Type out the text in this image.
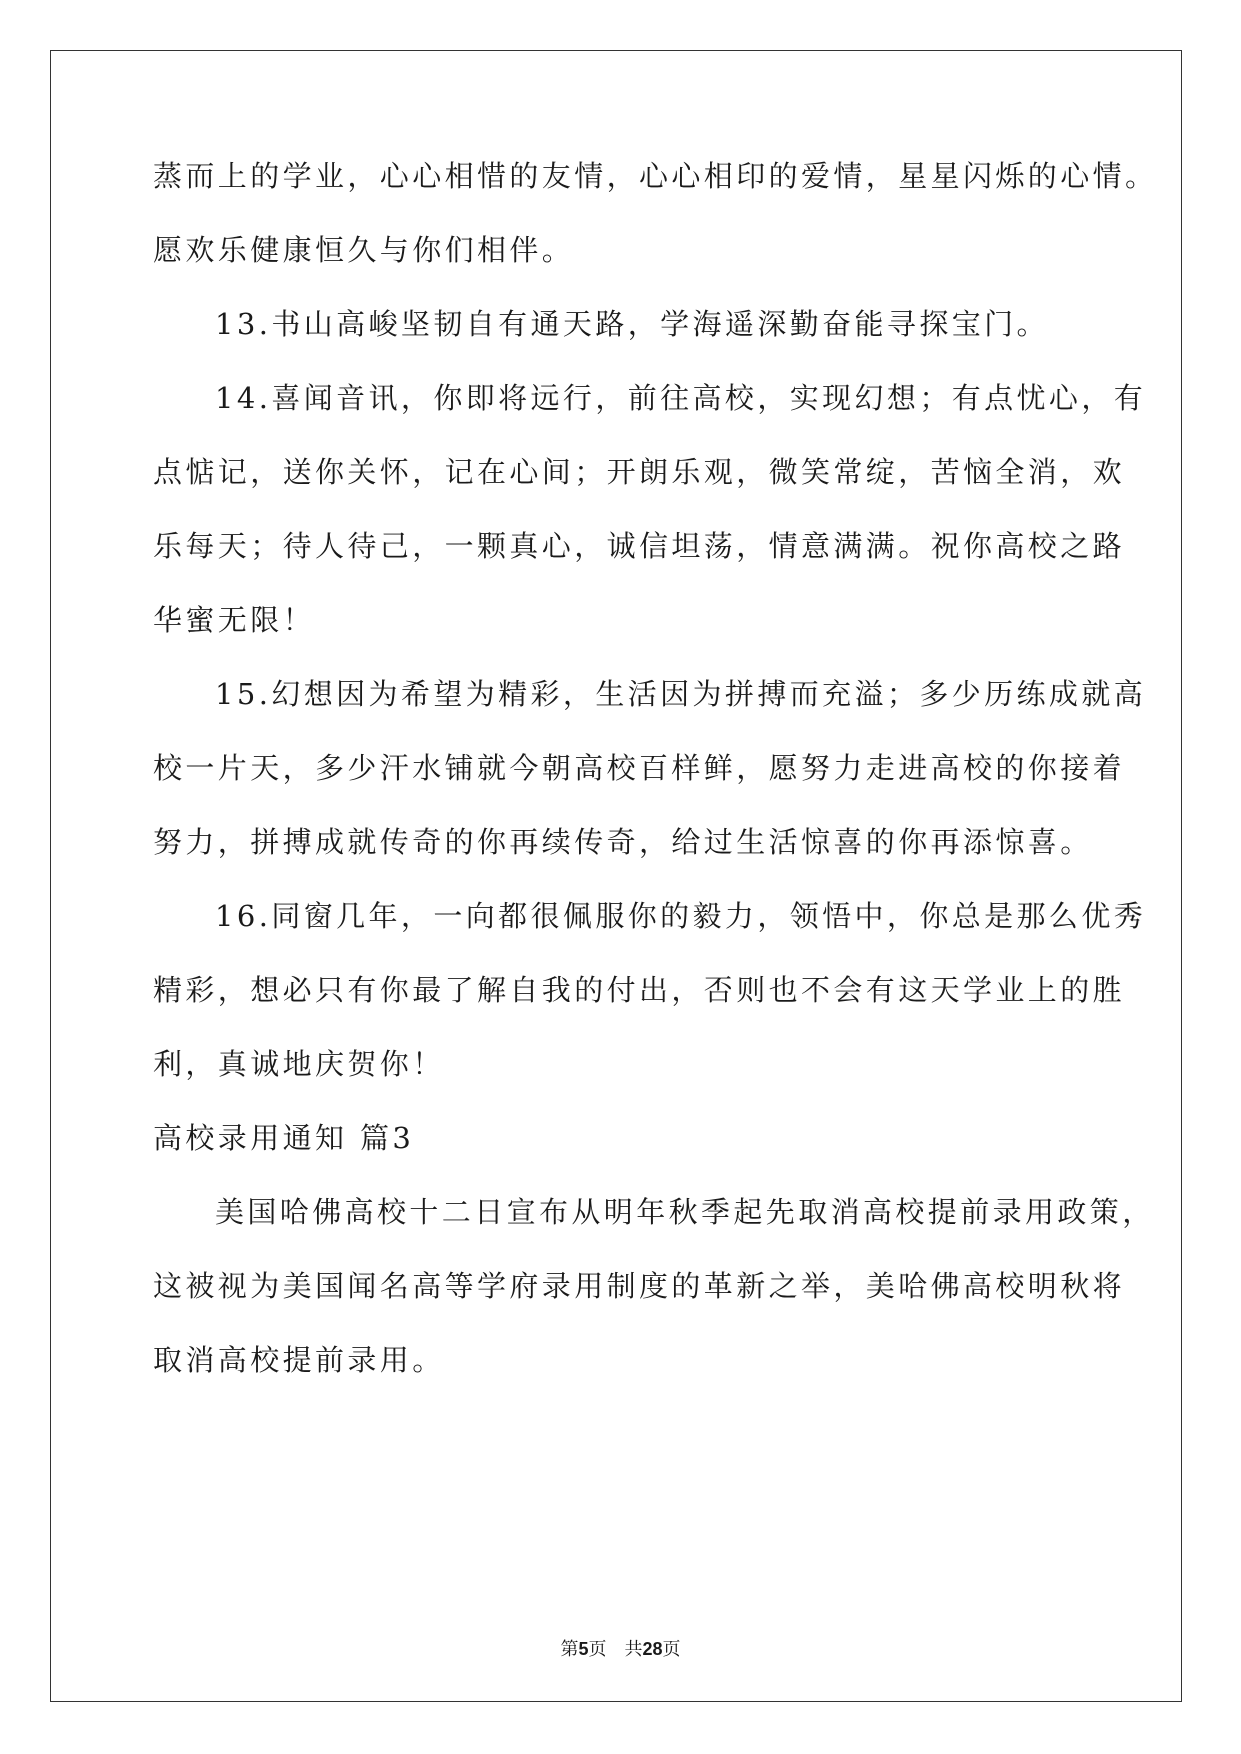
蒸而上的学业，心心相惜的友情，心心相印的爱情，星星闪烁的心情。
愿欢乐健康恒久与你们相伴。
13.书山高峻坚韧自有通天路，学海遥深勤奋能寻探宝门。
14.喜闻音讯，你即将远行，前往高校，实现幻想；有点忧心，有
点惦记，送你关怀，记在心间；开朗乐观，微笑常绽，苦恼全消，欢
乐每天；待人待己，一颗真心，诚信坦荡，情意满满。祝你高校之路
华蜜无限！
15.幻想因为希望为精彩，生活因为拼搏而充溢；多少历练成就高
校一片天，多少汗水铺就今朝高校百样鲜，愿努力走进高校的你接着
努力，拼搏成就传奇的你再续传奇，给过生活惊喜的你再添惊喜。
16.同窗几年，一向都很佩服你的毅力，领悟中，你总是那么优秀
精彩，想必只有你最了解自我的付出，否则也不会有这天学业上的胜
利，真诚地庆贺你！
高校录用通知 篇3
美国哈佛高校十二日宣布从明年秋季起先取消高校提前录用政策，
这被视为美国闻名高等学府录用制度的革新之举，美哈佛高校明秋将
取消高校提前录用。
第5页 共28页
